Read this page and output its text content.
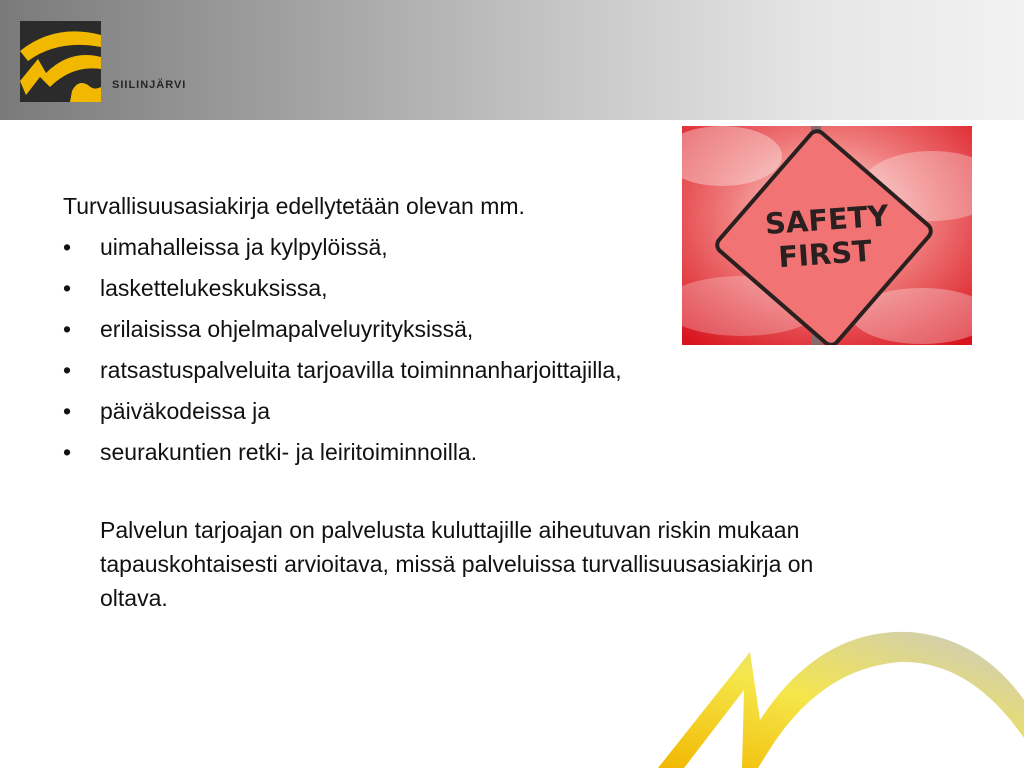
SIILINJÄRVI
SAFETY
FIRST

Turvallisuusasiakirja edellytetään olevan mm.

•	uimahalleissa ja kylpylöissä,
•	laskettelukeskuksissa,
•	erilaisissa ohjelmapalveluyrityksissä,
•	ratsastuspalveluita tarjoavilla toiminnanharjoittajilla,
•	päiväkodeissa ja
•	seurakuntien retki- ja leiritoiminnoilla.

Palvelun tarjoajan on palvelusta kuluttajille aiheutuvan riskin mukaan tapauskohtaisesti arvioitava, missä palveluissa turvallisuusasiakirja on oltava.
